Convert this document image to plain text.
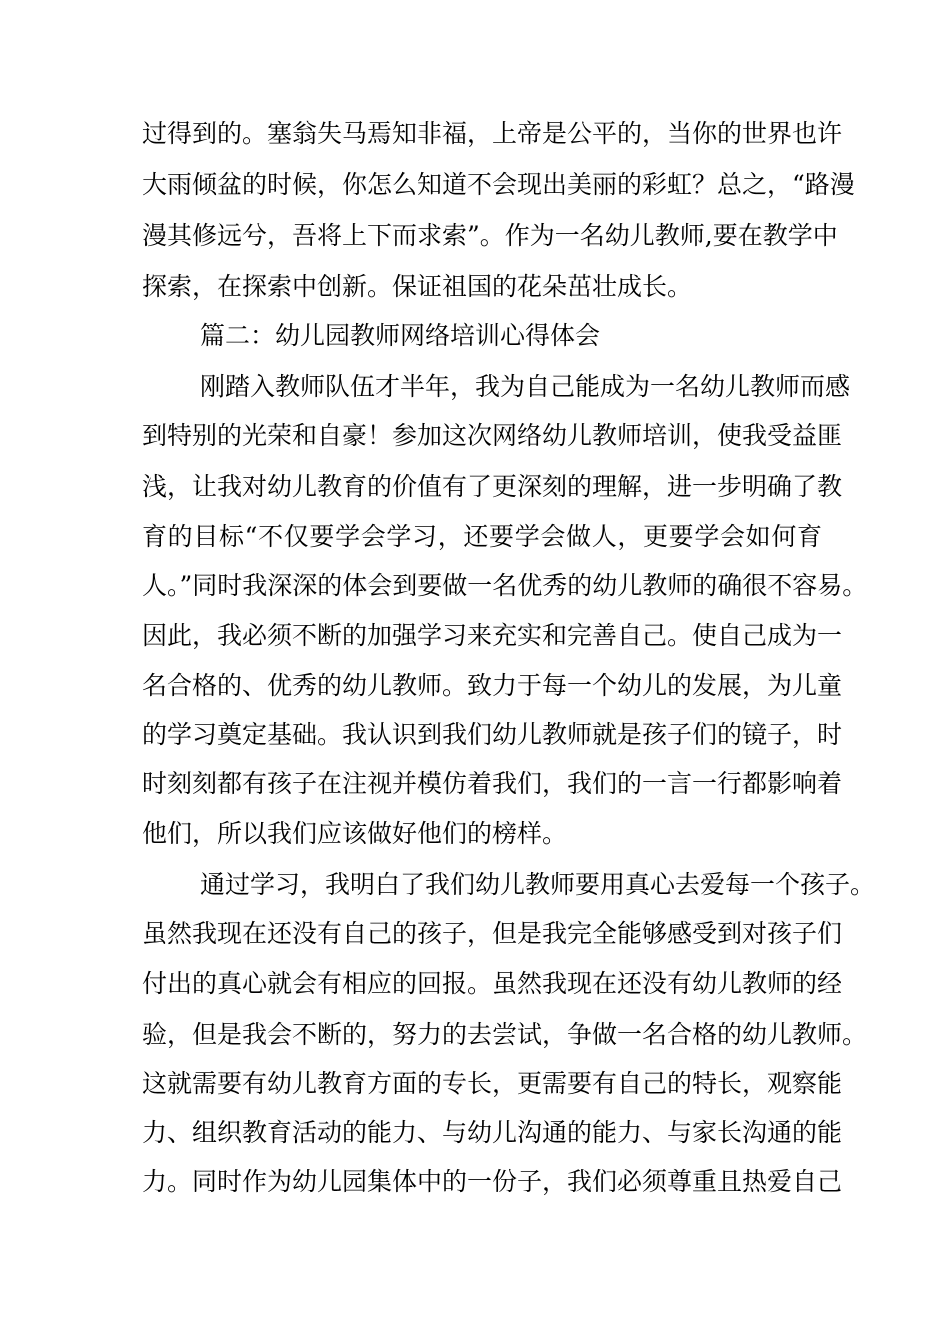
过得到的。塞翁失马焉知非福，上帝是公平的，当你的世界也许
大雨倾盆的时候，你怎么知道不会现出美丽的彩虹？总之，“路漫
漫其修远兮，吾将上下而求索”。作为一名幼儿教师,要在教学中
探索，在探索中创新。保证祖国的花朵茁壮成长。
篇二：幼儿园教师网络培训心得体会
刚踏入教师队伍才半年，我为自己能成为一名幼儿教师而感
到特别的光荣和自豪！参加这次网络幼儿教师培训，使我受益匪
浅，让我对幼儿教育的价值有了更深刻的理解，进一步明确了教
育的目标“不仅要学会学习，还要学会做人，更要学会如何育
人。”同时我深深的体会到要做一名优秀的幼儿教师的确很不容易。
因此，我必须不断的加强学习来充实和完善自己。使自己成为一
名合格的、优秀的幼儿教师。致力于每一个幼儿的发展，为儿童
的学习奠定基础。我认识到我们幼儿教师就是孩子们的镜子，时
时刻刻都有孩子在注视并模仿着我们，我们的一言一行都影响着
他们，所以我们应该做好他们的榜样。
通过学习，我明白了我们幼儿教师要用真心去爱每一个孩子。
虽然我现在还没有自己的孩子，但是我完全能够感受到对孩子们
付出的真心就会有相应的回报。虽然我现在还没有幼儿教师的经
验，但是我会不断的，努力的去尝试，争做一名合格的幼儿教师。
这就需要有幼儿教育方面的专长，更需要有自己的特长，观察能
力、组织教育活动的能力、与幼儿沟通的能力、与家长沟通的能
力。同时作为幼儿园集体中的一份子，我们必须尊重且热爱自己
